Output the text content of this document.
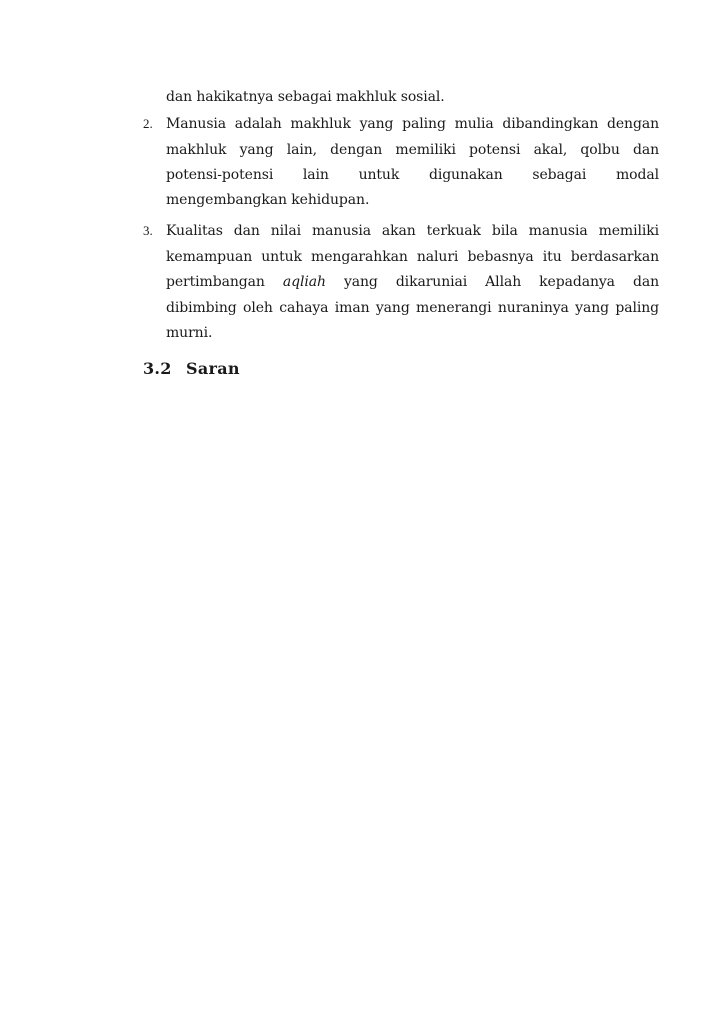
dan hakikatnya sebagai makhluk sosial.
2. Manusia adalah makhluk yang paling mulia dibandingkan dengan
makhluk yang lain, dengan memiliki potensi akal, qolbu dan
potensi-potensi lain untuk digunakan sebagai modal
mengembangkan kehidupan.
3. Kualitas dan nilai manusia akan terkuak bila manusia memiliki
kemampuan untuk mengarahkan naluri bebasnya itu berdasarkan
pertimbangan aqliah yang dikaruniai Allah kepadanya dan
dibimbing oleh cahaya iman yang menerangi nuraninya yang paling
murni.
3.2 Saran
